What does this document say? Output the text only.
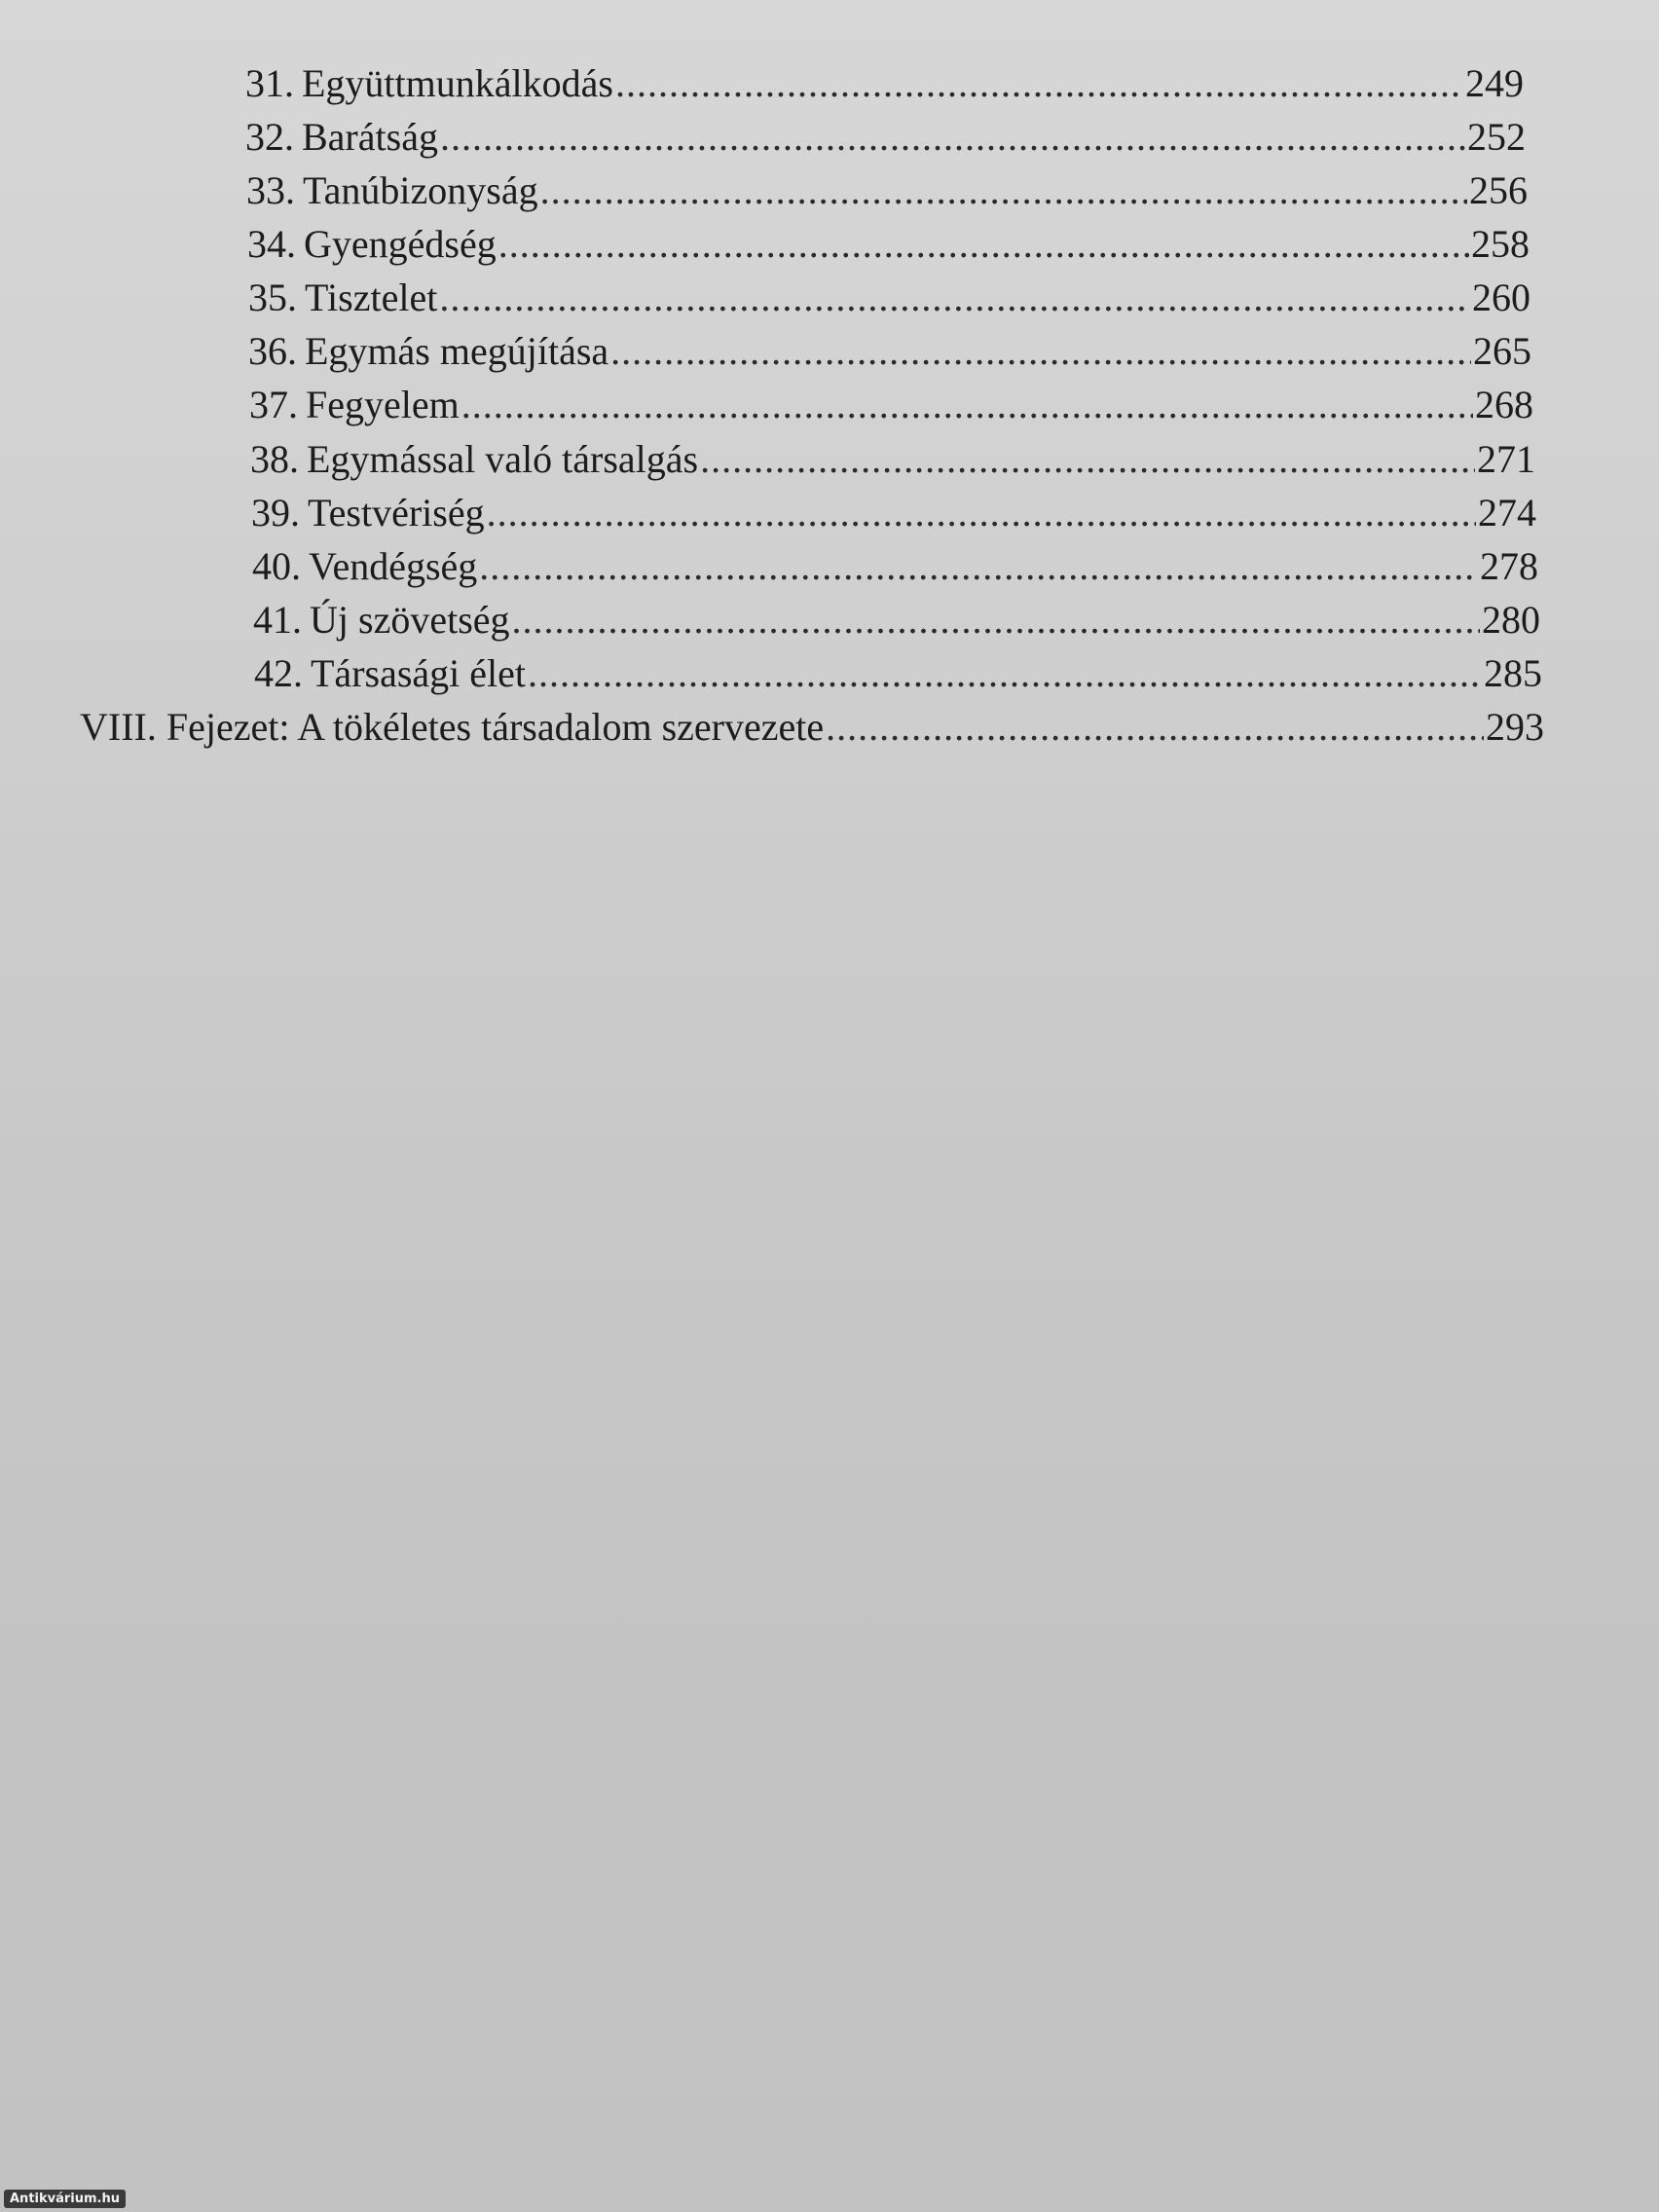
31. Együttmunkálkodás .....	249
32. Barátság .....	252
33. Tanúbizonyság .....	256
34. Gyengédség .....	258
35. Tisztelet .....	260
36. Egymás megújítása .....	265
37. Fegyelem .....	268
38. Egymással való társalgás .....	271
39. Testvériség .....	274
40. Vendégség .....	278
41. Új szövetség .....	280
42. Társasági élet .....	285
VIII. Fejezet: A tökéletes társadalom szervezete .....	293
Antikvárium.hu
